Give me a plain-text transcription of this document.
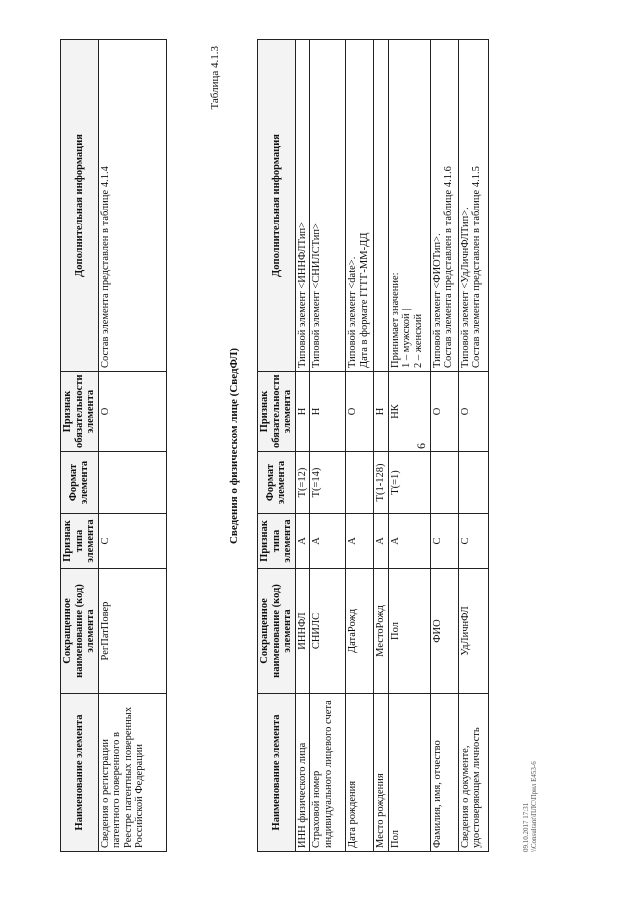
Наименование элемента	Сокращенное наименование (код) элемента	Признак типа элемента	Формат элемента	Признак обязательности элемента	Дополнительная информация
Сведения о регистрации патентного поверенного в Реестре патентных поверенных Российской Федерации	РегПатПовер	С		О	Состав элемента представлен в таблице 4.1.4
6
Таблица 4.1.3
Сведения о физическом лице (СведФЛ)
Наименование элемента	Сокращенное наименование (код) элемента	Признак типа элемента	Формат элемента	Признак обязательности элемента	Дополнительная информация
ИНН физического лица	ИННФЛ	А	Т(=12)	Н	Типовой элемент <ИННФЛТип>
Страховой номер индивидуального лицевого счета	СНИЛС	А	Т(=14)	Н	Типовой элемент <СНИЛСТип>
Дата рождения	ДатаРожд	А		О	Типовой элемент <date>.
Дата в формате ГГГГ-ММ-ДД
Место рождения	МестоРожд	А	Т(1-128)	Н	
Пол	Пол	А	Т(=1)	НК	Принимает значение:
1 – мужской |
2 – женский
Фамилия, имя, отчество	ФИО	С		О	Типовой элемент <ФИОТип>.
Состав элемента представлен в таблице 4.1.6
Сведения о документе, удостоверяющем личность	УдЛичнФЛ	С		О	Типовой элемент <УдЛичнФЛТип>.
Состав элемента представлен в таблице 4.1.5
09.10.2017 17:31 \\Consultant\ПЛС\Прил E453-6
